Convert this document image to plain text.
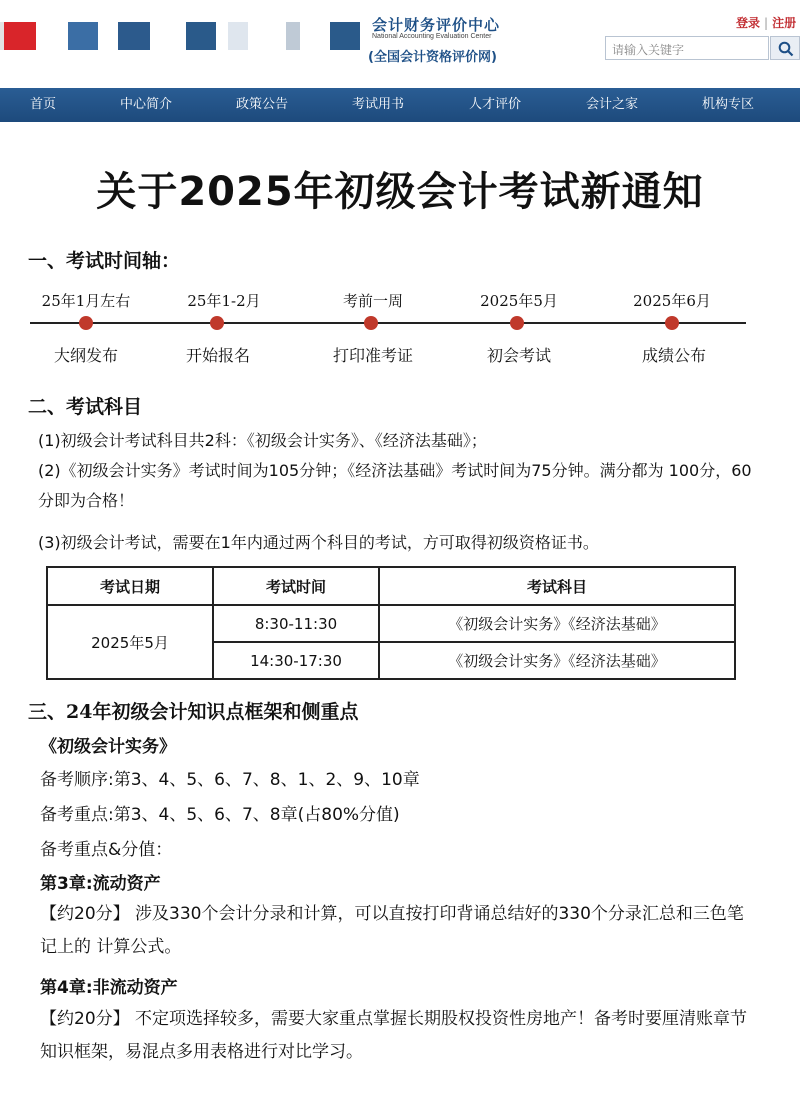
会计财务评价中心
National Accounting Evaluation Center
(全国会计资格评价网)
登录 | 注册
请输入关键字
首页	中心简介	政策公告	考试用书	人才评价	会计之家	机构专区
关于2025年初级会计考试新通知
一、考试时间轴：
25年1月左右
大纲发布
25年1-2月
开始报名
考前一周
打印准考证
2025年5月
初会考试
2025年6月
成绩公布
二、考试科目
(1)初级会计考试科目共2科：《初级会计实务》、《经济法基础》；
(2)《初级会计实务》考试时间为105分钟；《经济法基础》考试时间为75分钟。满分都为 100分，60分即为合格！
(3)初级会计考试，需要在1年内通过两个科目的考试，方可取得初级资格证书。
考试日期	考试时间	考试科目
2025年5月	8:30-11:30	《初级会计实务》《经济法基础》
	14:30-17:30	《初级会计实务》《经济法基础》
三、24年初级会计知识点框架和侧重点
《初级会计实务》
备考顺序:第3、4、5、6、7、8、1、2、9、10章
备考重点:第3、4、5、6、7、8章(占80%分值)
备考重点&分值：
第3章:流动资产
【约20分】 涉及330个会计分录和计算，可以直按打印背诵总结好的330个分录汇总和三色笔记上的 计算公式。
第4章:非流动资产
【约20分】 不定项选择较多，需要大家重点掌握长期股权投资性房地产！备考时要厘清账章节知识框架，易混点多用表格进行对比学习。
